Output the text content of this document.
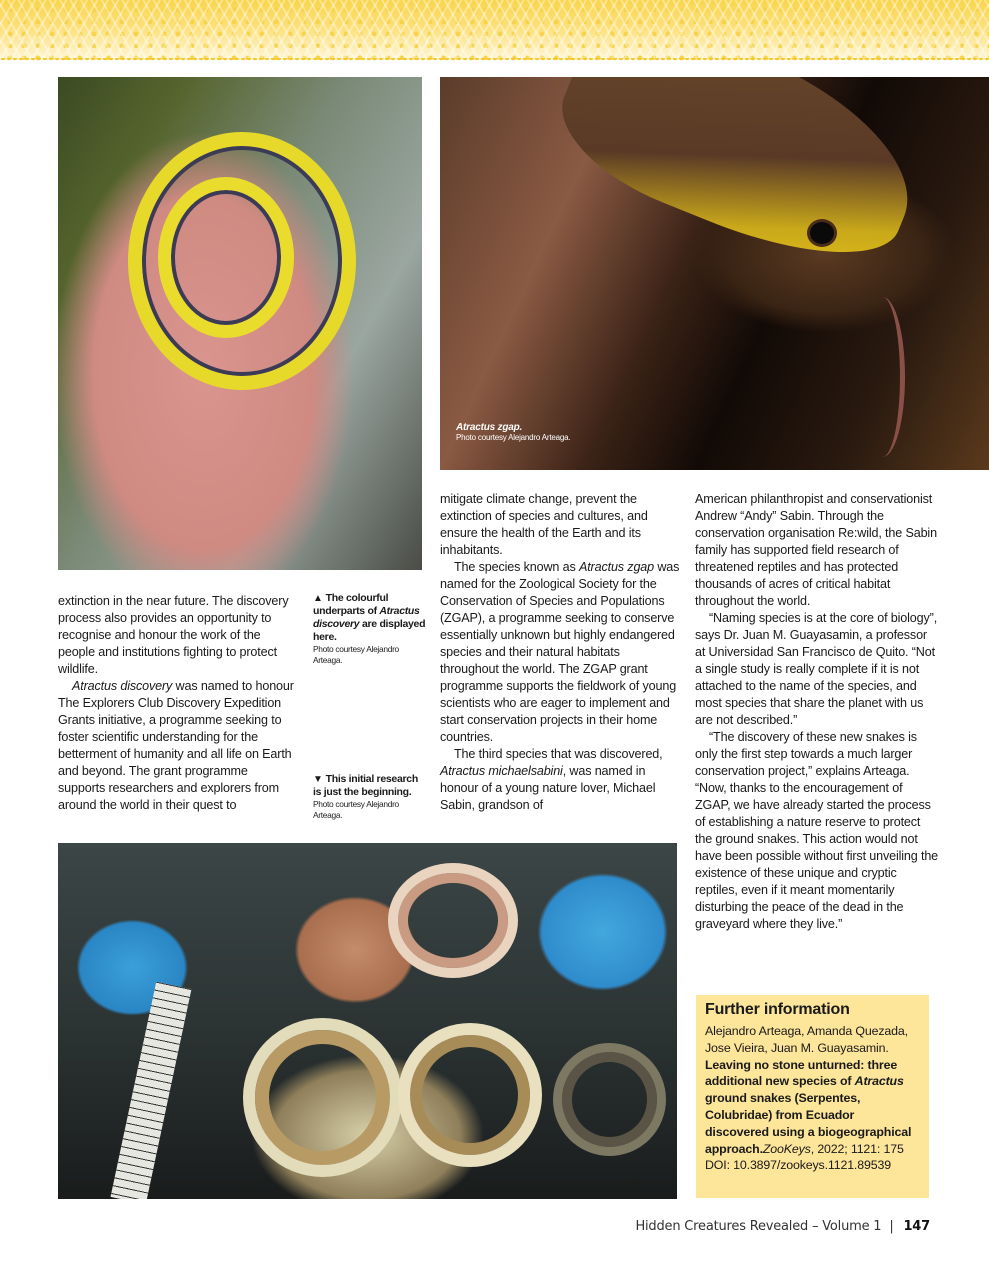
Atractus zgap.
Photo courtesy Alejandro Arteaga.

extinction in the near future. The discovery process also provides an opportunity to recognise and honour the work of the people and institutions fighting to protect wildlife.

Atractus discovery was named to honour The Explorers Club Discovery Expedition Grants initiative, a programme seeking to foster scientific understanding for the betterment of humanity and all life on Earth and beyond. The grant programme supports researchers and explorers from around the world in their quest to

▲ The colourful underparts of Atractus discovery are displayed here.
Photo courtesy Alejandro Arteaga.
▼ This initial research is just the beginning.
Photo courtesy Alejandro Arteaga.

mitigate climate change, prevent the extinction of species and cultures, and ensure the health of the Earth and its inhabitants.

The species known as Atractus zgap was named for the Zoological Society for the Conservation of Species and Populations (ZGAP), a programme seeking to conserve essentially unknown but highly endangered species and their natural habitats throughout the world. The ZGAP grant programme supports the fieldwork of young scientists who are eager to implement and start conservation projects in their home countries.

The third species that was discovered, Atractus michaelsabini, was named in honour of a young nature lover, Michael Sabin, grandson of

American philanthropist and conservationist Andrew “Andy” Sabin. Through the conservation organisation Re:wild, the Sabin family has supported field research of threatened reptiles and has protected thousands of acres of critical habitat throughout the world.

“Naming species is at the core of biology”, says Dr. Juan M. Guayasamin, a professor at Universidad San Francisco de Quito. “Not a single study is really complete if it is not attached to the name of the species, and most species that share the planet with us are not described.”

“The discovery of these new snakes is only the first step towards a much larger conservation project,” explains Arteaga. “Now, thanks to the encouragement of ZGAP, we have already started the process of establishing a nature reserve to protect the ground snakes. This action would not have been possible without first unveiling the existence of these unique and cryptic reptiles, even if it meant momentarily disturbing the peace of the dead in the graveyard where they live.”

Further information

Alejandro Arteaga, Amanda Quezada, Jose Vieira, Juan M. Guayasamin. Leaving no stone unturned: three additional new species of Atractus ground snakes (Serpentes, Colubridae) from Ecuador discovered using a biogeographical approach.ZooKeys, 2022; 1121: 175 DOI: 10.3897/zookeys.1121.89539

Hidden Creatures Revealed – Volume 1 | 147
